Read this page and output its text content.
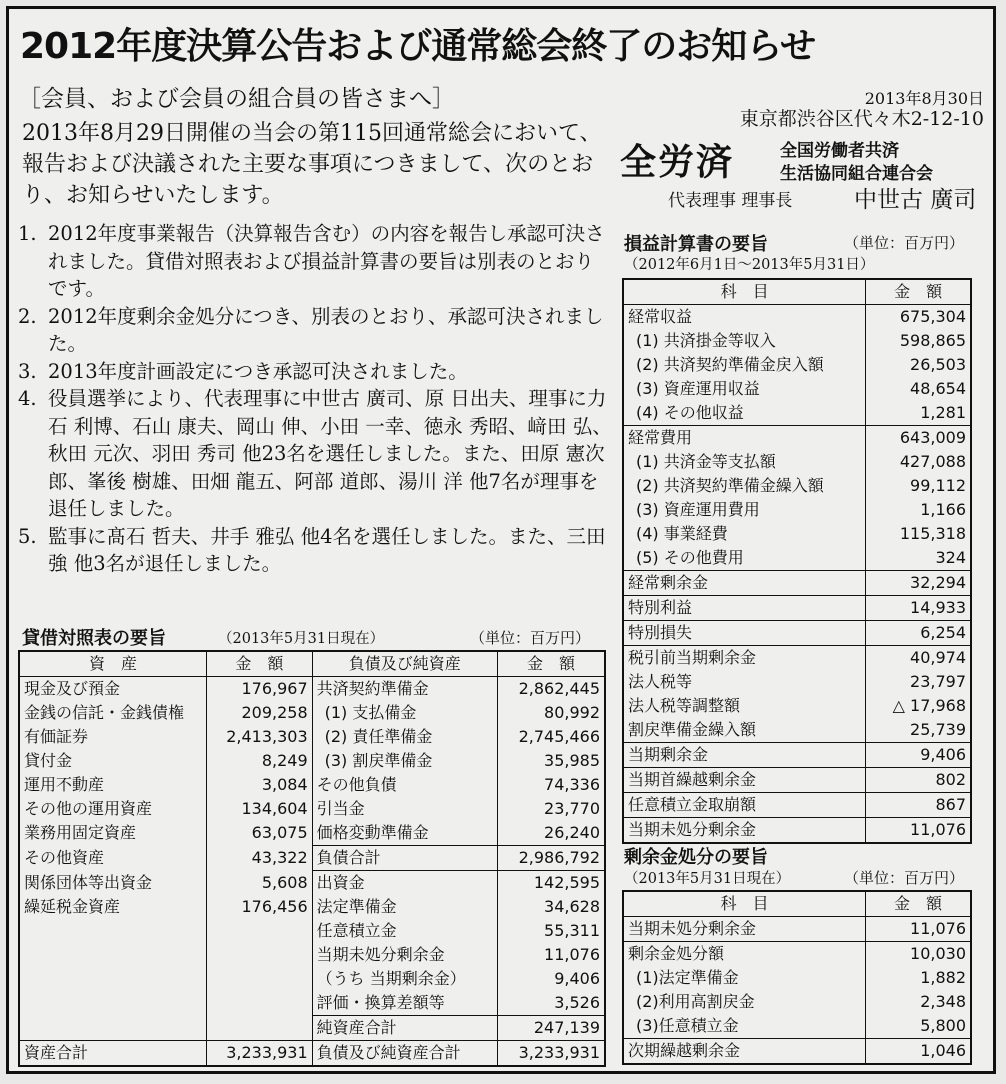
2012年度決算公告および通常総会終了のお知らせ
［会員、および会員の組合員の皆さまへ］	2013年8月30日
東京都渋谷区代々木2-12-10
2013年8月29日開催の当会の第115回通常総会において、報告および決議された主要な事項につきまして、次のとおり、お知らせいたします。
全労済	全国労働者共済
生活協同組合連合会
代表理事 理事長	中世古 廣司
1. 2012年度事業報告（決算報告含む）の内容を報告し承認可決されました。貸借対照表および損益計算書の要旨は別表のとおりです。
2. 2012年度剰余金処分につき、別表のとおり、承認可決されました。
3. 2013年度計画設定につき承認可決されました。
4. 役員選挙により、代表理事に中世古 廣司、原 日出夫、理事に力石 利博、石山 康夫、岡山 伸、小田 一幸、徳永 秀昭、﨑田 弘、秋田 元次、羽田 秀司 他23名を選任しました。また、田原 憲次郎、峯後 樹雄、田畑 龍五、阿部 道郎、湯川 洋 他7名が理事を退任しました。
5. 監事に髙石 哲夫、井手 雅弘 他4名を選任しました。また、三田 強 他3名が退任しました。
貸借対照表の要旨	（2013年5月31日現在）	（単位：百万円）
資　産	金　額	負債及び純資産	金　額
現金及び預金	176,967	共済契約準備金	2,862,445
金銭の信託・金銭債権	209,258	(1) 支払備金	80,992
有価証券	2,413,303	(2) 責任準備金	2,745,466
貸付金	8,249	(3) 割戻準備金	35,985
運用不動産	3,084	その他負債	74,336
その他の運用資産	134,604	引当金	23,770
業務用固定資産	63,075	価格変動準備金	26,240
その他資産	43,322	負債合計	2,986,792
関係団体等出資金	5,608	出資金	142,595
繰延税金資産	176,456	法定準備金	34,628
		任意積立金	55,311
		当期未処分剰余金	11,076
		（うち 当期剰余金）	9,406
		評価・換算差額等	3,526
		純資産合計	247,139
資産合計	3,233,931	負債及び純資産合計	3,233,931
損益計算書の要旨	（単位：百万円）
（2012年6月1日～2013年5月31日）
科　目	金　額
経常収益	675,304
(1) 共済掛金等収入	598,865
(2) 共済契約準備金戻入額	26,503
(3) 資産運用収益	48,654
(4) その他収益	1,281
経常費用	643,009
(1) 共済金等支払額	427,088
(2) 共済契約準備金繰入額	99,112
(3) 資産運用費用	1,166
(4) 事業経費	115,318
(5) その他費用	324
経常剰余金	32,294
特別利益	14,933
特別損失	6,254
税引前当期剰余金	40,974
法人税等	23,797
法人税等調整額	△ 17,968
割戻準備金繰入額	25,739
当期剰余金	9,406
当期首繰越剰余金	802
任意積立金取崩額	867
当期未処分剰余金	11,076
剰余金処分の要旨
（2013年5月31日現在）	（単位：百万円）
科　目	金　額
当期未処分剰余金	11,076
剰余金処分額	10,030
(1)法定準備金	1,882
(2)利用高割戻金	2,348
(3)任意積立金	5,800
次期繰越剰余金	1,046
